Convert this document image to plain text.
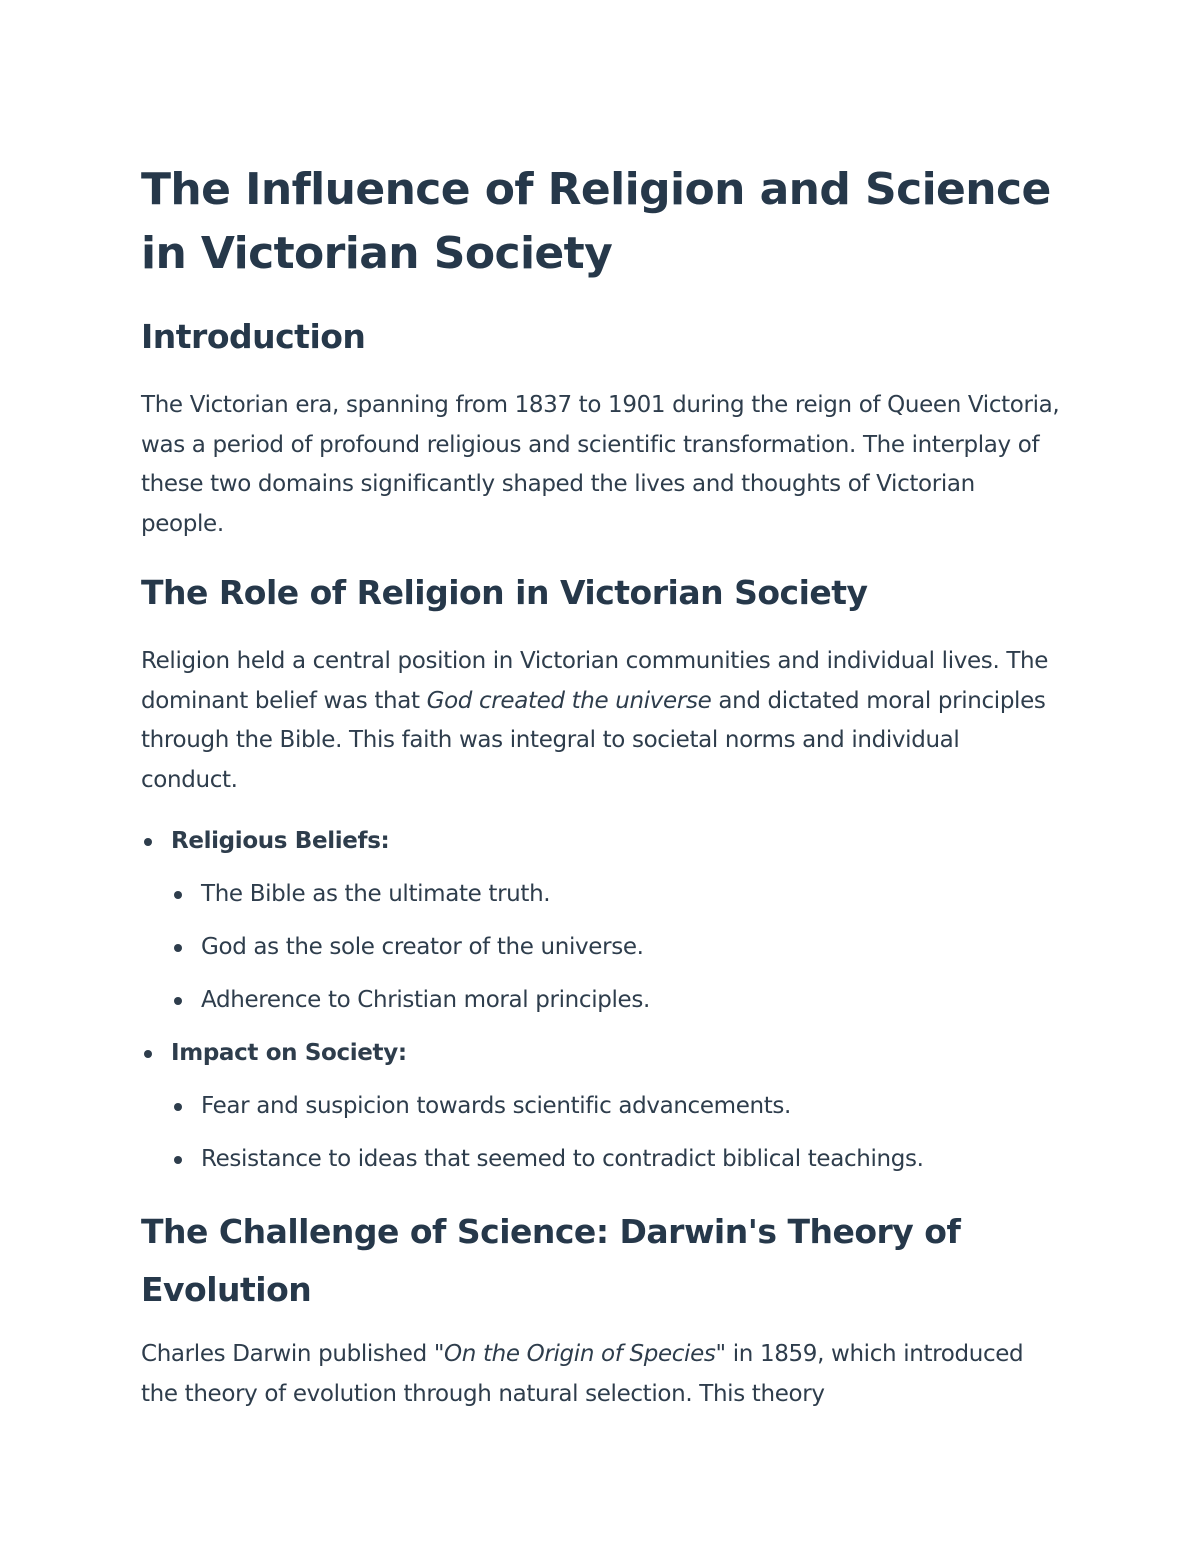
The Influence of Religion and Science in Victorian Society
Introduction

The Victorian era, spanning from 1837 to 1901 during the reign of Queen Victoria, was a period of profound religious and scientific transformation. The interplay of these two domains significantly shaped the lives and thoughts of Victorian people.

The Role of Religion in Victorian Society

Religion held a central position in Victorian communities and individual lives. The dominant belief was that God created the universe and dictated moral principles through the Bible. This faith was integral to societal norms and individual conduct.

Religious Beliefs:
The Bible as the ultimate truth.
God as the sole creator of the universe.
Adherence to Christian moral principles.
Impact on Society:
Fear and suspicion towards scientific advancements.
Resistance to ideas that seemed to contradict biblical teachings.
The Challenge of Science: Darwin's Theory of Evolution

Charles Darwin published "On the Origin of Species" in 1859, which introduced the theory of evolution through natural selection. This theory
